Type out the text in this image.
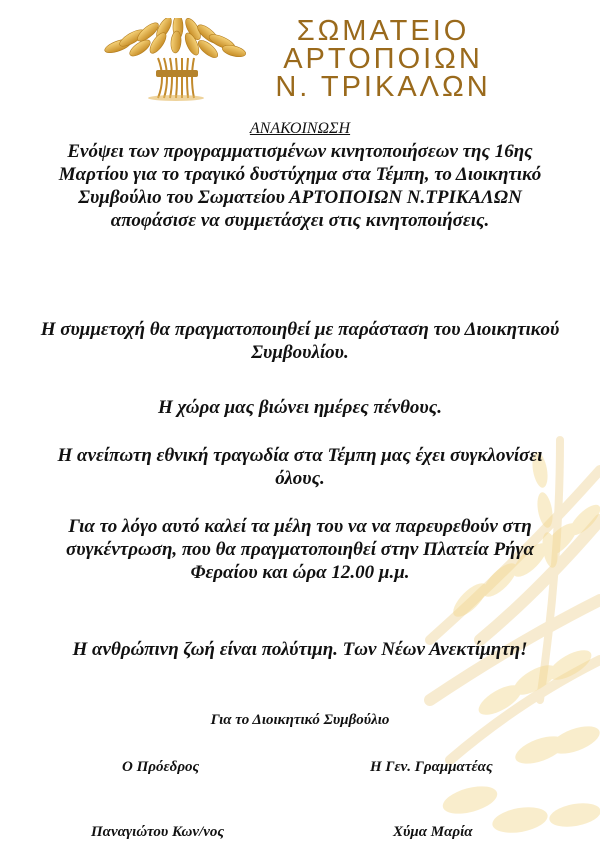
ΣΩΜΑΤΕΙΟ
ΑΡΤΟΠΟΙΩΝ
Ν. ΤΡΙΚΑΛΩΝ
ΑΝΑΚΟΙΝΩΣΗ
Ενόψει των προγραμματισμένων κινητοποιήσεων της 16ης Μαρτίου για το τραγικό δυστύχημα στα Τέμπη, το Διοικητικό Συμβούλιο του Σωματείου ΑΡΤΟΠΟΙΩΝ Ν.ΤΡΙΚΑΛΩΝ αποφάσισε να συμμετάσχει στις κινητοποιήσεις.
Η συμμετοχή θα πραγματοποιηθεί με παράσταση του Διοικητικού Συμβουλίου.
Η χώρα μας βιώνει ημέρες πένθους.
Η ανείπωτη εθνική τραγωδία στα Τέμπη μας έχει συγκλονίσει όλους.
Για το λόγο αυτό καλεί τα μέλη του να να παρευρεθούν στη συγκέντρωση, που θα πραγματοποιηθεί στην Πλατεία Ρήγα Φεραίου και ώρα 12.00 μ.μ.
Η ανθρώπινη ζωή είναι πολύτιμη. Των Νέων Ανεκτίμητη!
Για το Διοικητικό Συμβούλιο
Ο Πρόεδρος	Η Γεν. Γραμματέας
Παναγιώτου Κων/νος	Χύμα Μαρία
